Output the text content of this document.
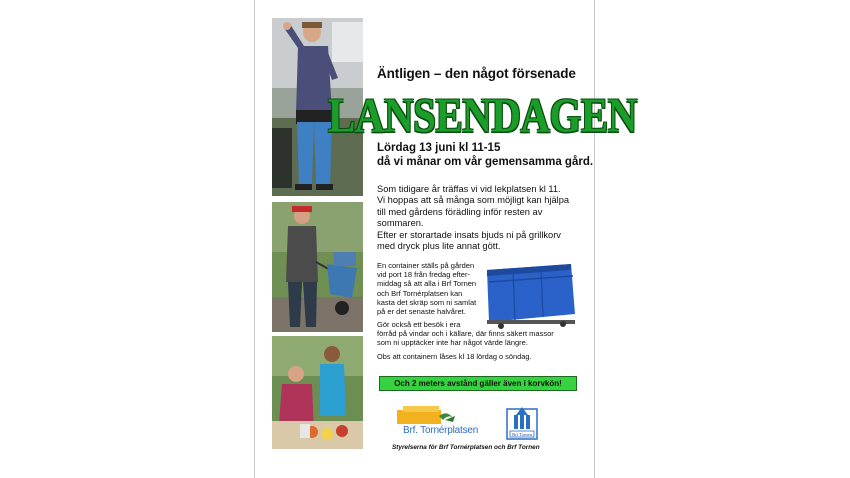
Äntligen – den något försenade
LANSENDAGEN
Lördag 13 juni kl 11-15
då vi månar om vår gemensamma gård.
Som tidigare år träffas vi vid lekplatsen kl 11.
Vi hoppas att så många som möjligt kan hjälpa
till med gårdens förädling inför resten av
sommaren.
Efter er storartade insats bjuds ni på grillkorv
med dryck plus lite annat gött.
En container ställs på gården
vid port 18 från fredag efter-
middag så att alla i Brf Tornen
och Brf Tornérplatsen kan
kasta det skräp som ni samlat
på er det senaste halvåret.
Gör också ett besök i era
förråd på vindar och i källare, där finns säkert massor
som ni upptäcker inte har något värde längre.
Obs att containern låses kl 18 lördag o söndag.
Och 2 meters avstånd gäller även i korvkön!
Brf. Tornérplatsen	Brf Tornen
Styrelserna för Brf Tornérplatsen och Brf Tornen
